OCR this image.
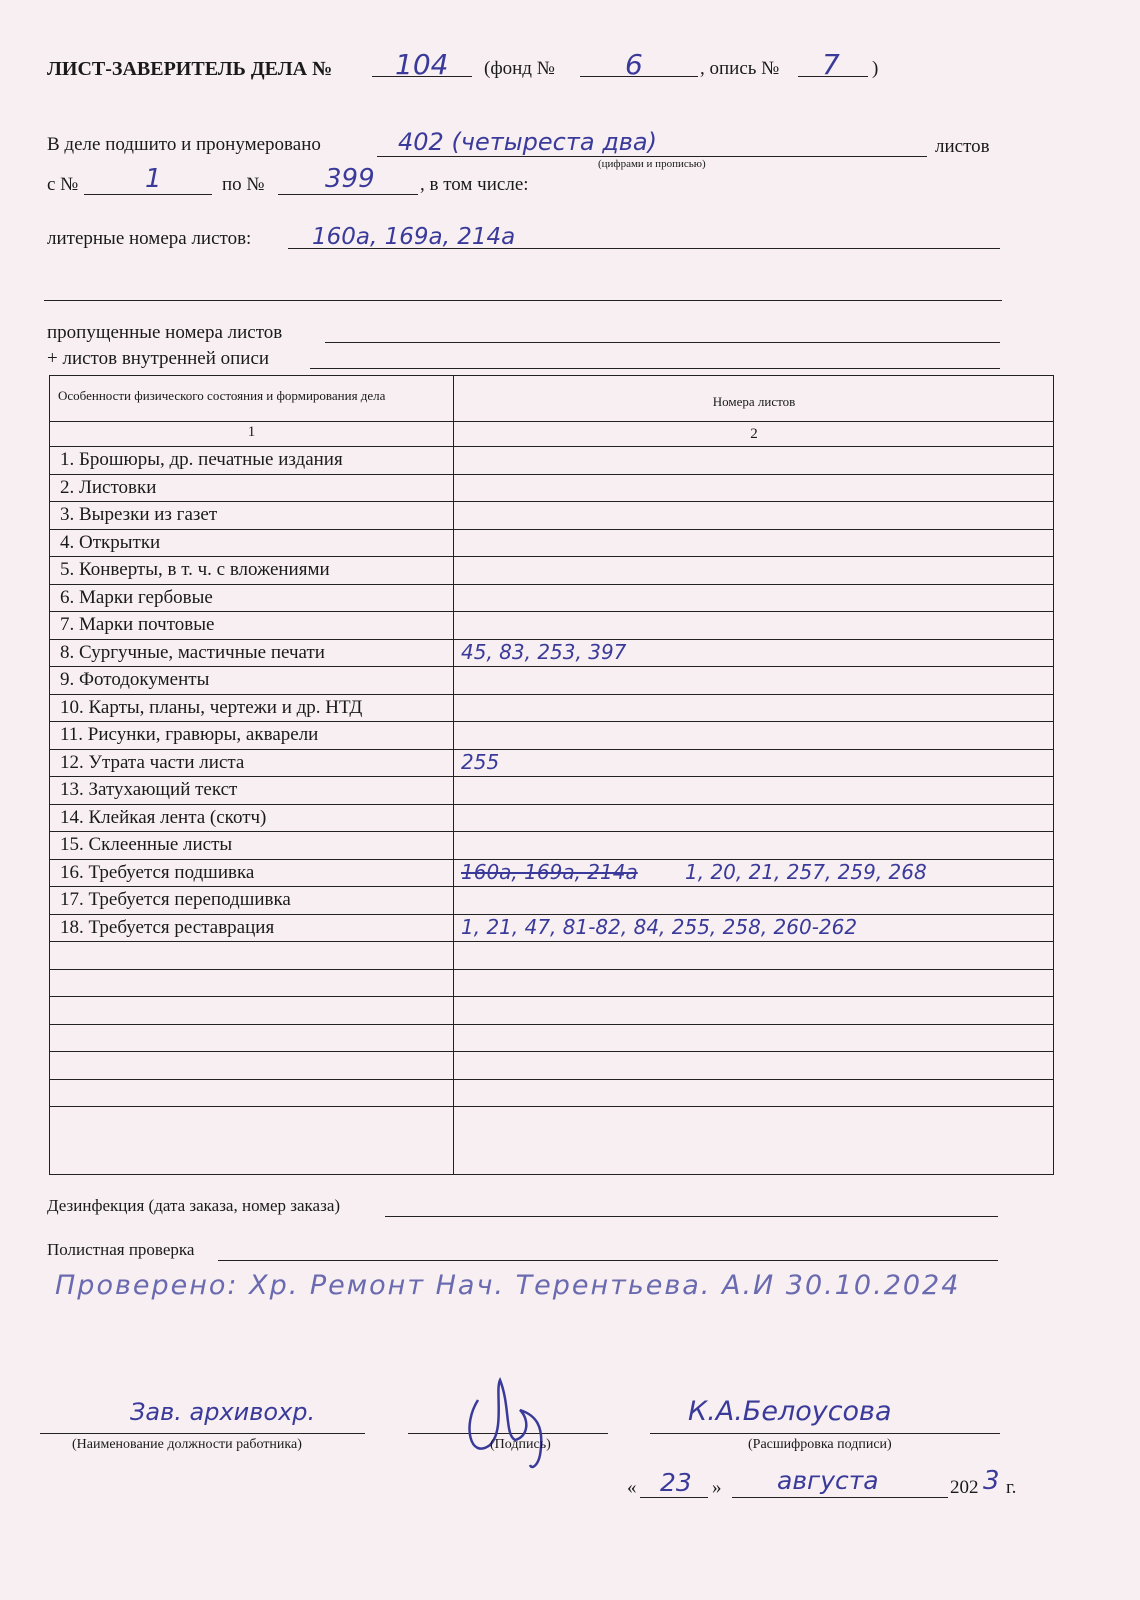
ЛИСТ-ЗАВЕРИТЕЛЬ ДЕЛА № 104 (фонд №	6	, опись № 7 )
В деле подшито и пронумеровано	402 (четыреста два)
(цифрами и прописью)
листов
с №	1	по № 399 , в том числе:
литерные номера листов:	160а, 169а, 214а
пропущенные номера листов
+ листов внутренней описи
Особенности физического состояния и формирования дела	Номера листов
1	2
1. Брошюры, др. печатные издания
2. Листовки
3. Вырезки из газет
4. Открытки
5. Конверты, в т. ч. с вложениями
6. Марки гербовые
7. Марки почтовые
8. Сургучные, мастичные печати	45, 83, 253, 397
9. Фотодокументы
10. Карты, планы, чертежи и др. НТД
11. Рисунки, гравюры, акварели
12. Утрата части листа	255
13. Затухающий текст
14. Клейкая лента (скотч)
15. Склеенные листы
16. Требуется подшивка	160а, 169а, 214а 1, 20, 21, 257, 259, 268
17. Требуется переподшивка
18. Требуется реставрация	1, 21, 47, 81-82, 84, 255, 258, 260-262
Дезинфекция (дата заказа, номер заказа)
Полистная проверка
Проверено: Хр. Ремонт Нач. Терентьева. А.И 30.10.2024
Зав. архивохр.
(Наименование должности работника)	(Подпись)
К.А.Белоусова
(Расшифровка подписи)
« 23 » августа	202 3 г.
